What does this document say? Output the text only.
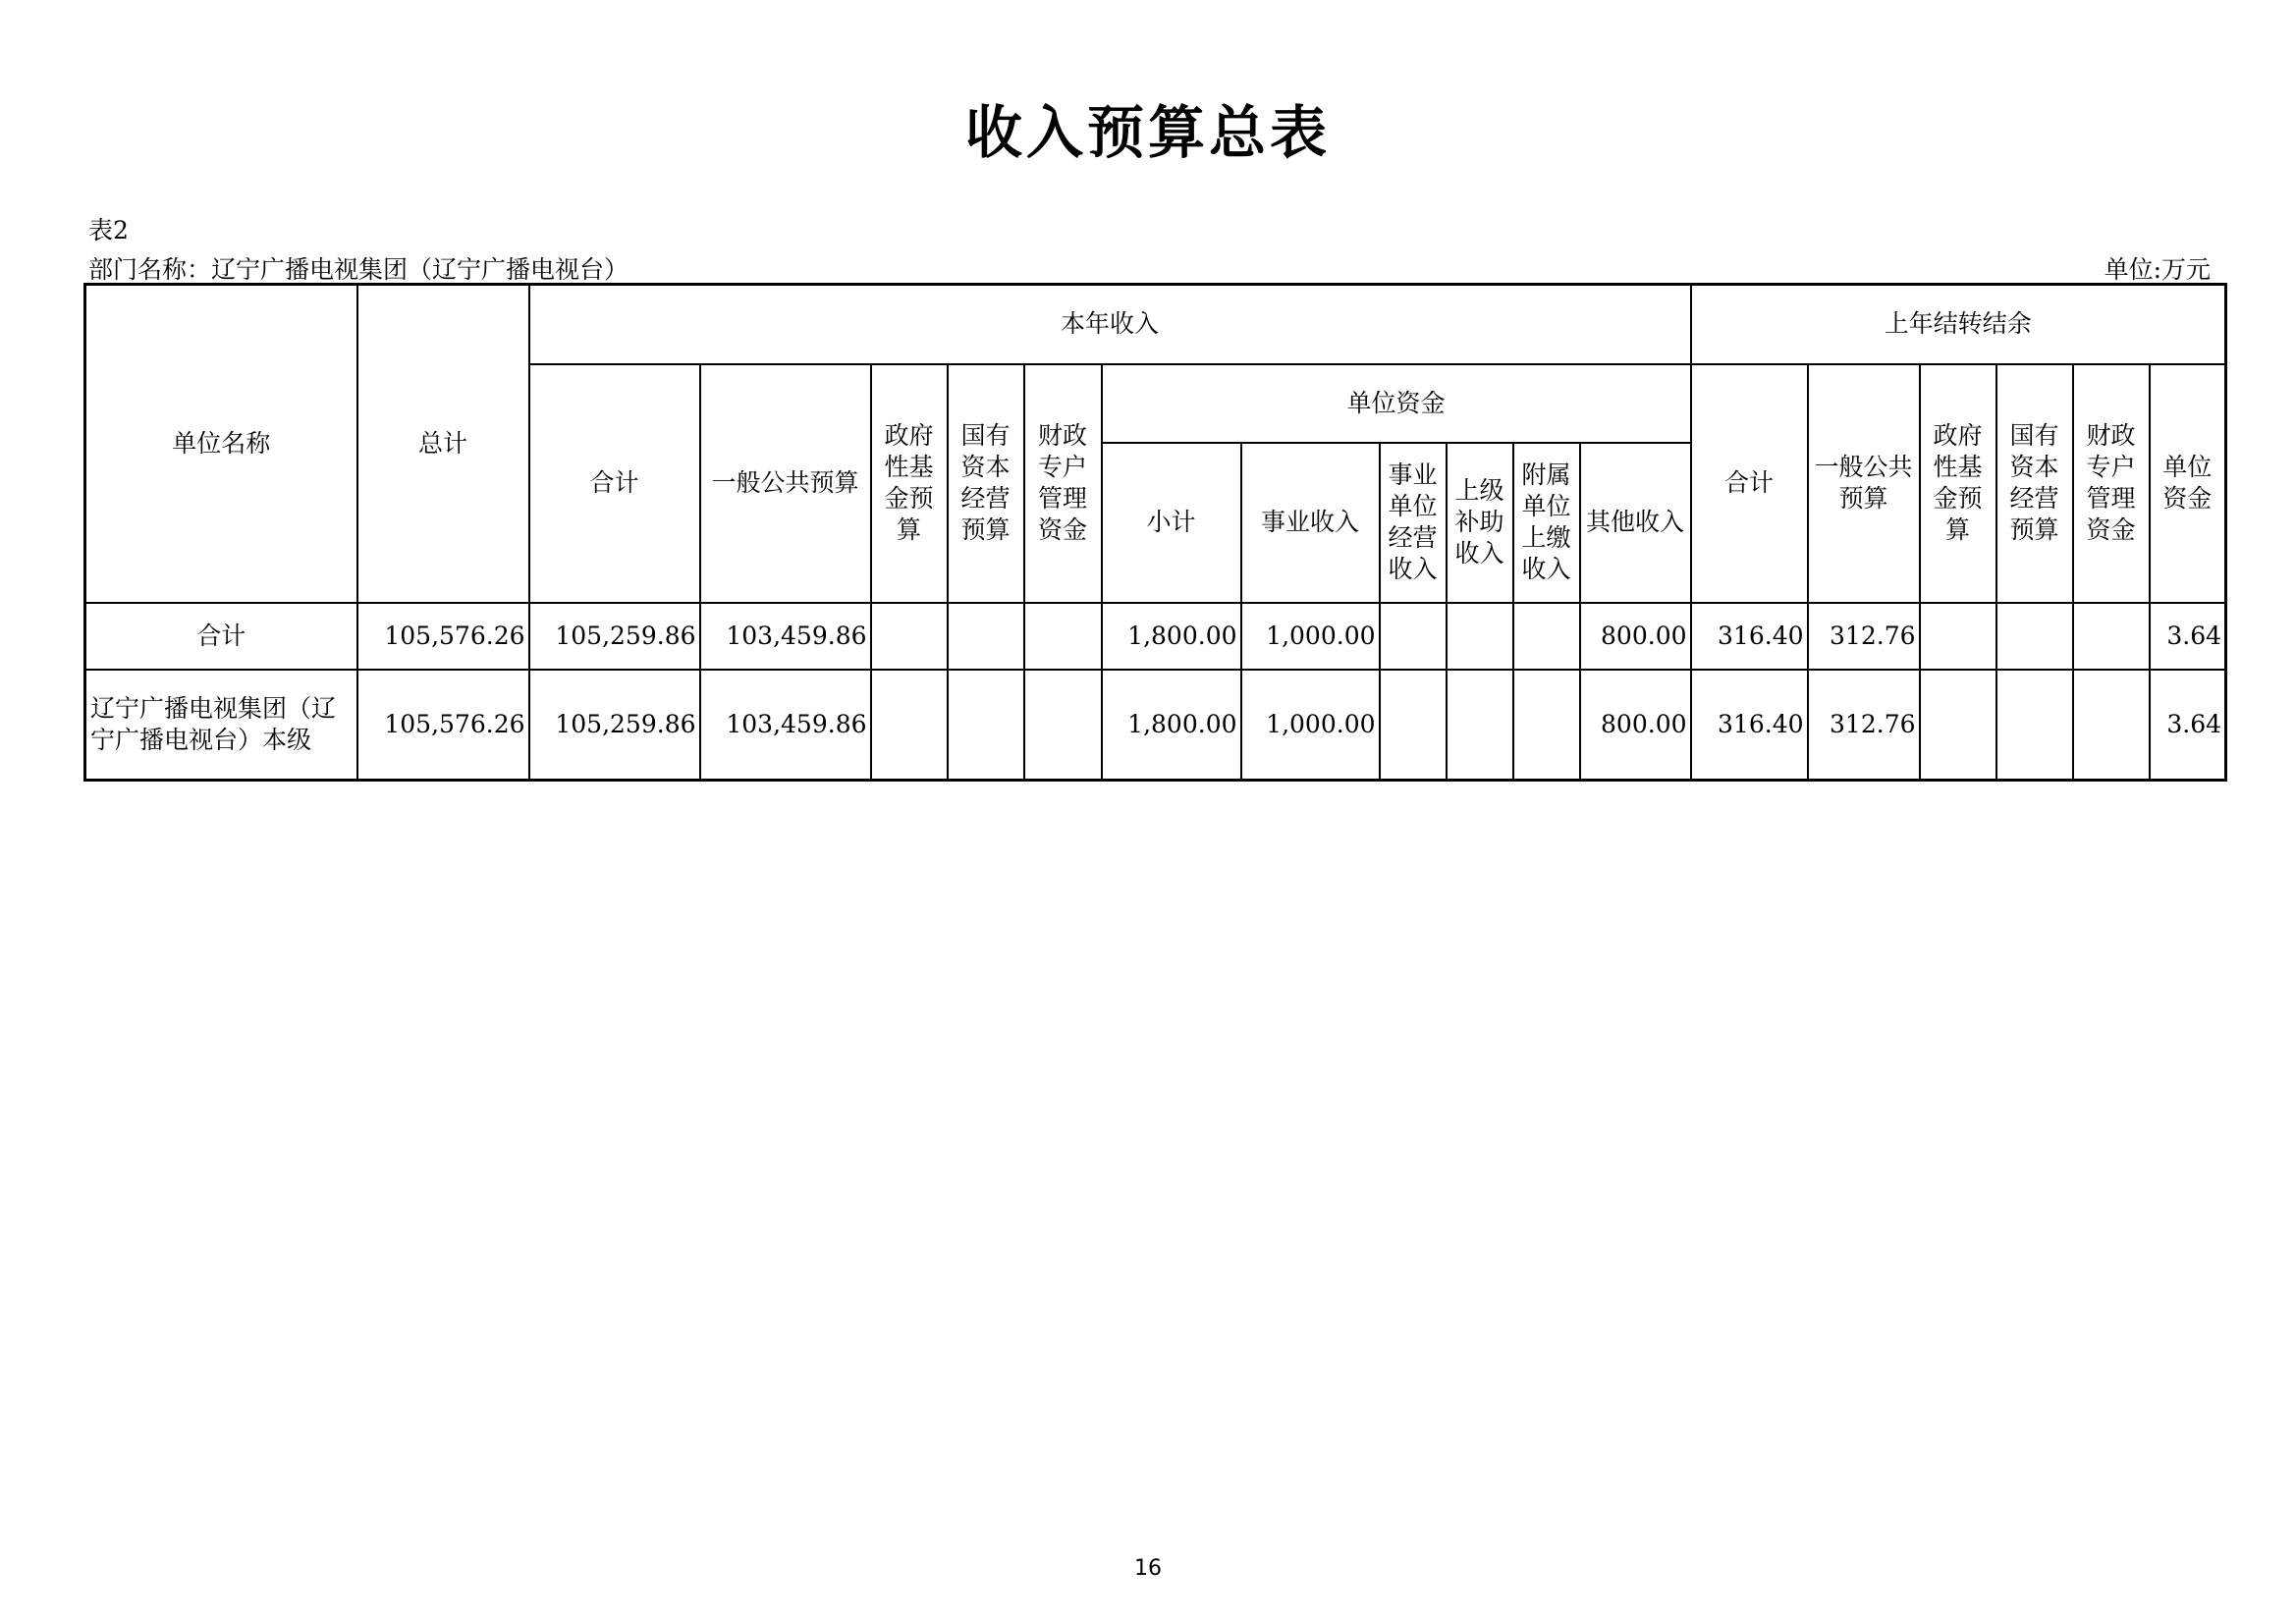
收入预算总表
表2
部门名称：辽宁广播电视集团（辽宁广播电视台）	单位:万元
单位名称	总计	本年收入											上年结转结余					
		合计	一般公共预算	政府性基金预算	国有资本经营预算	财政专户管理资金	单位资金						合计	一般公共预算	政府性基金预算	国有资本经营预算	财政专户管理资金	单位资金
							小计	事业收入	事业单位经营收入	上级补助收入	附属单位上缴收入	其他收入						
合计	105,576.26	105,259.86	103,459.86				1,800.00	1,000.00				800.00	316.40	312.76				3.64
辽宁广播电视集团（辽宁广播电视台）本级	105,576.26	105,259.86	103,459.86				1,800.00	1,000.00				800.00	316.40	312.76				3.64
16
